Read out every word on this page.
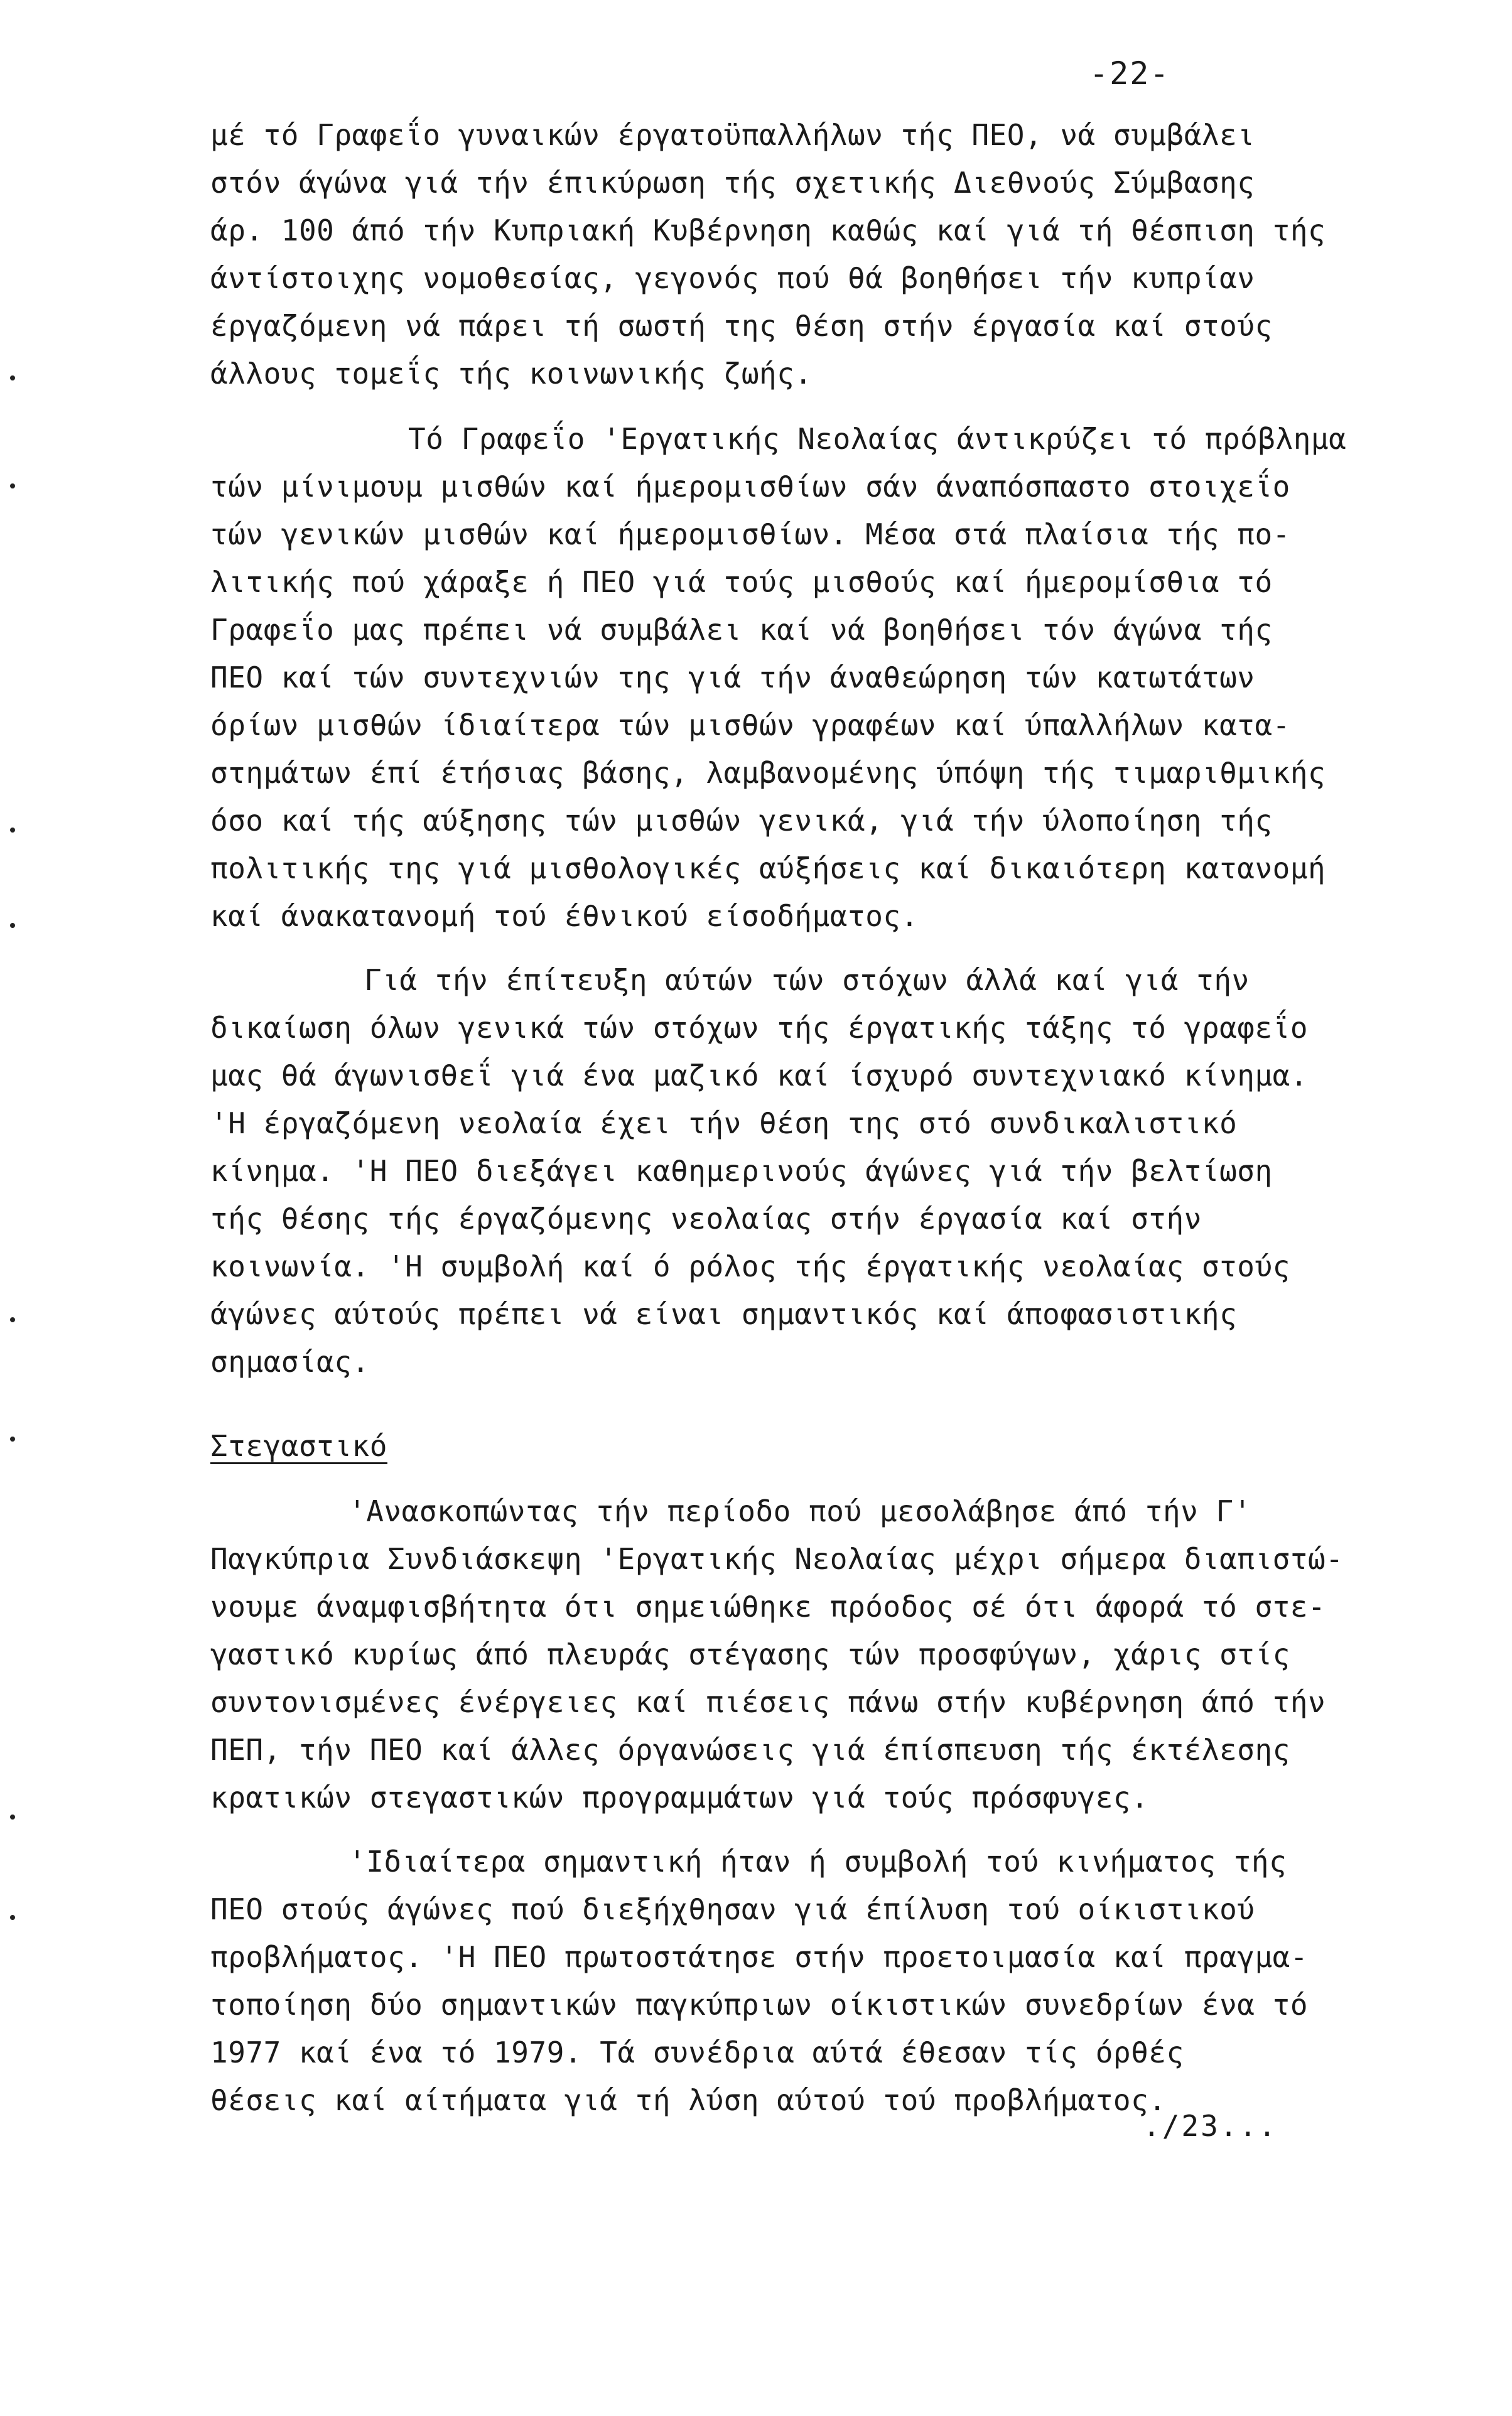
-22-
μέ τό Γραφεΐο γυναικών έργατοϋπαλλήλων τής ΠΕΟ, νά συμβάλει
στόν άγώνα γιά τήν έπικύρωση τής σχετικής Διεθνούς Σύμβασης
άρ. 100 άπό τήν Κυπριακή Κυβέρνηση καθώς καί γιά τή θέσπιση τής
άντίστοιχης νομοθεσίας, γεγονός πού θά βοηθήσει τήν κυπρίαν
έργαζόμενη νά πάρει τή σωστή της θέση στήν έργασία καί στούς
άλλους τομεΐς τής κοινωνικής ζωής.
Τό Γραφεΐο 'Εργατικής Νεολαίας άντικρύζει τό πρόβλημα
τών μίνιμουμ μισθών καί ήμερομισθίων σάν άναπόσπαστο στοιχεΐο
τών γενικών μισθών καί ήμερομισθίων. Μέσα στά πλαίσια τής πο-
λιτικής πού χάραξε ή ΠΕΟ γιά τούς μισθούς καί ήμερομίσθια τό
Γραφεΐο μας πρέπει νά συμβάλει καί νά βοηθήσει τόν άγώνα τής
ΠΕΟ καί τών συντεχνιών της γιά τήν άναθεώρηση τών κατωτάτων
όρίων μισθών ίδιαίτερα τών μισθών γραφέων καί ύπαλλήλων κατα-
στημάτων έπί έτήσιας βάσης, λαμβανομένης ύπόψη τής τιμαριθμικής
όσο καί τής αύξησης τών μισθών γενικά, γιά τήν ύλοποίηση τής
πολιτικής της γιά μισθολογικές αύξήσεις καί δικαιότερη κατανομή
καί άνακατανομή τού έθνικού είσοδήματος.
Γιά τήν έπίτευξη αύτών τών στόχων άλλά καί γιά τήν
δικαίωση όλων γενικά τών στόχων τής έργατικής τάξης τό γραφεΐο
μας θά άγωνισθεΐ γιά ένα μαζικό καί ίσχυρό συντεχνιακό κίνημα.
'Η έργαζόμενη νεολαία έχει τήν θέση της στό συνδικαλιστικό
κίνημα. 'Η ΠΕΟ διεξάγει καθημερινούς άγώνες γιά τήν βελτίωση
τής θέσης τής έργαζόμενης νεολαίας στήν έργασία καί στήν
κοινωνία. 'Η συμβολή καί ό ρόλος τής έργατικής νεολαίας στούς
άγώνες αύτούς πρέπει νά είναι σημαντικός καί άποφασιστικής
σημασίας.
Στεγαστικό
'Ανασκοπώντας τήν περίοδο πού μεσολάβησε άπό τήν Γ'
Παγκύπρια Συνδιάσκεψη 'Εργατικής Νεολαίας μέχρι σήμερα διαπιστώ-
νουμε άναμφισβήτητα ότι σημειώθηκε πρόοδος σέ ότι άφορά τό στε-
γαστικό κυρίως άπό πλευράς στέγασης τών προσφύγων, χάρις στίς
συντονισμένες ένέργειες καί πιέσεις πάνω στήν κυβέρνηση άπό τήν
ΠΕΠ, τήν ΠΕΟ καί άλλες όργανώσεις γιά έπίσπευση τής έκτέλεσης
κρατικών στεγαστικών προγραμμάτων γιά τούς πρόσφυγες.
'Ιδιαίτερα σημαντική ήταν ή συμβολή τού κινήματος τής
ΠΕΟ στούς άγώνες πού διεξήχθησαν γιά έπίλυση τού οίκιστικού
προβλήματος. 'Η ΠΕΟ πρωτοστάτησε στήν προετοιμασία καί πραγμα-
τοποίηση δύο σημαντικών παγκύπριων οίκιστικών συνεδρίων ένα τό
1977 καί ένα τό 1979. Τά συνέδρια αύτά έθεσαν τίς όρθές
θέσεις καί αίτήματα γιά τή λύση αύτού τού προβλήματος.
./23...
